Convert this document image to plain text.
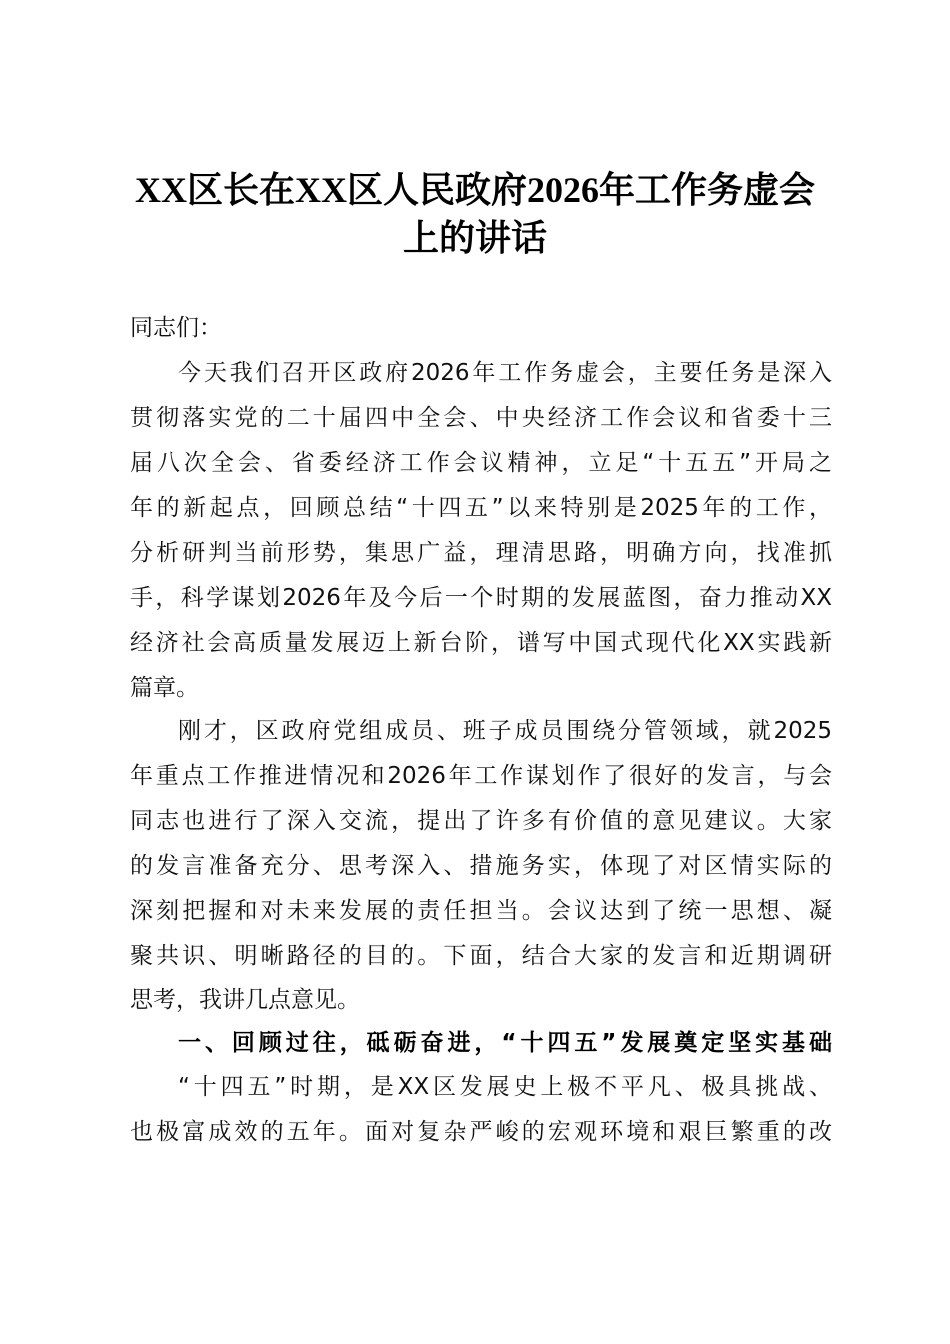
XX区长在XX区人民政府2026年工作务虚会
上的讲话
同志们：
今天我们召开区政府2026年工作务虚会，主要任务是深入
贯彻落实党的二十届四中全会、中央经济工作会议和省委十三
届八次全会、省委经济工作会议精神，立足“十五五”开局之
年的新起点，回顾总结“十四五”以来特别是2025年的工作，
分析研判当前形势，集思广益，理清思路，明确方向，找准抓
手，科学谋划2026年及今后一个时期的发展蓝图，奋力推动XX
经济社会高质量发展迈上新台阶，谱写中国式现代化XX实践新
篇章。
刚才，区政府党组成员、班子成员围绕分管领域，就2025
年重点工作推进情况和2026年工作谋划作了很好的发言，与会
同志也进行了深入交流，提出了许多有价值的意见建议。大家
的发言准备充分、思考深入、措施务实，体现了对区情实际的
深刻把握和对未来发展的责任担当。会议达到了统一思想、凝
聚共识、明晰路径的目的。下面，结合大家的发言和近期调研
思考，我讲几点意见。
一、回顾过往，砥砺奋进，“十四五”发展奠定坚实基础
“十四五”时期，是XX区发展史上极不平凡、极具挑战、
也极富成效的五年。面对复杂严峻的宏观环境和艰巨繁重的改
